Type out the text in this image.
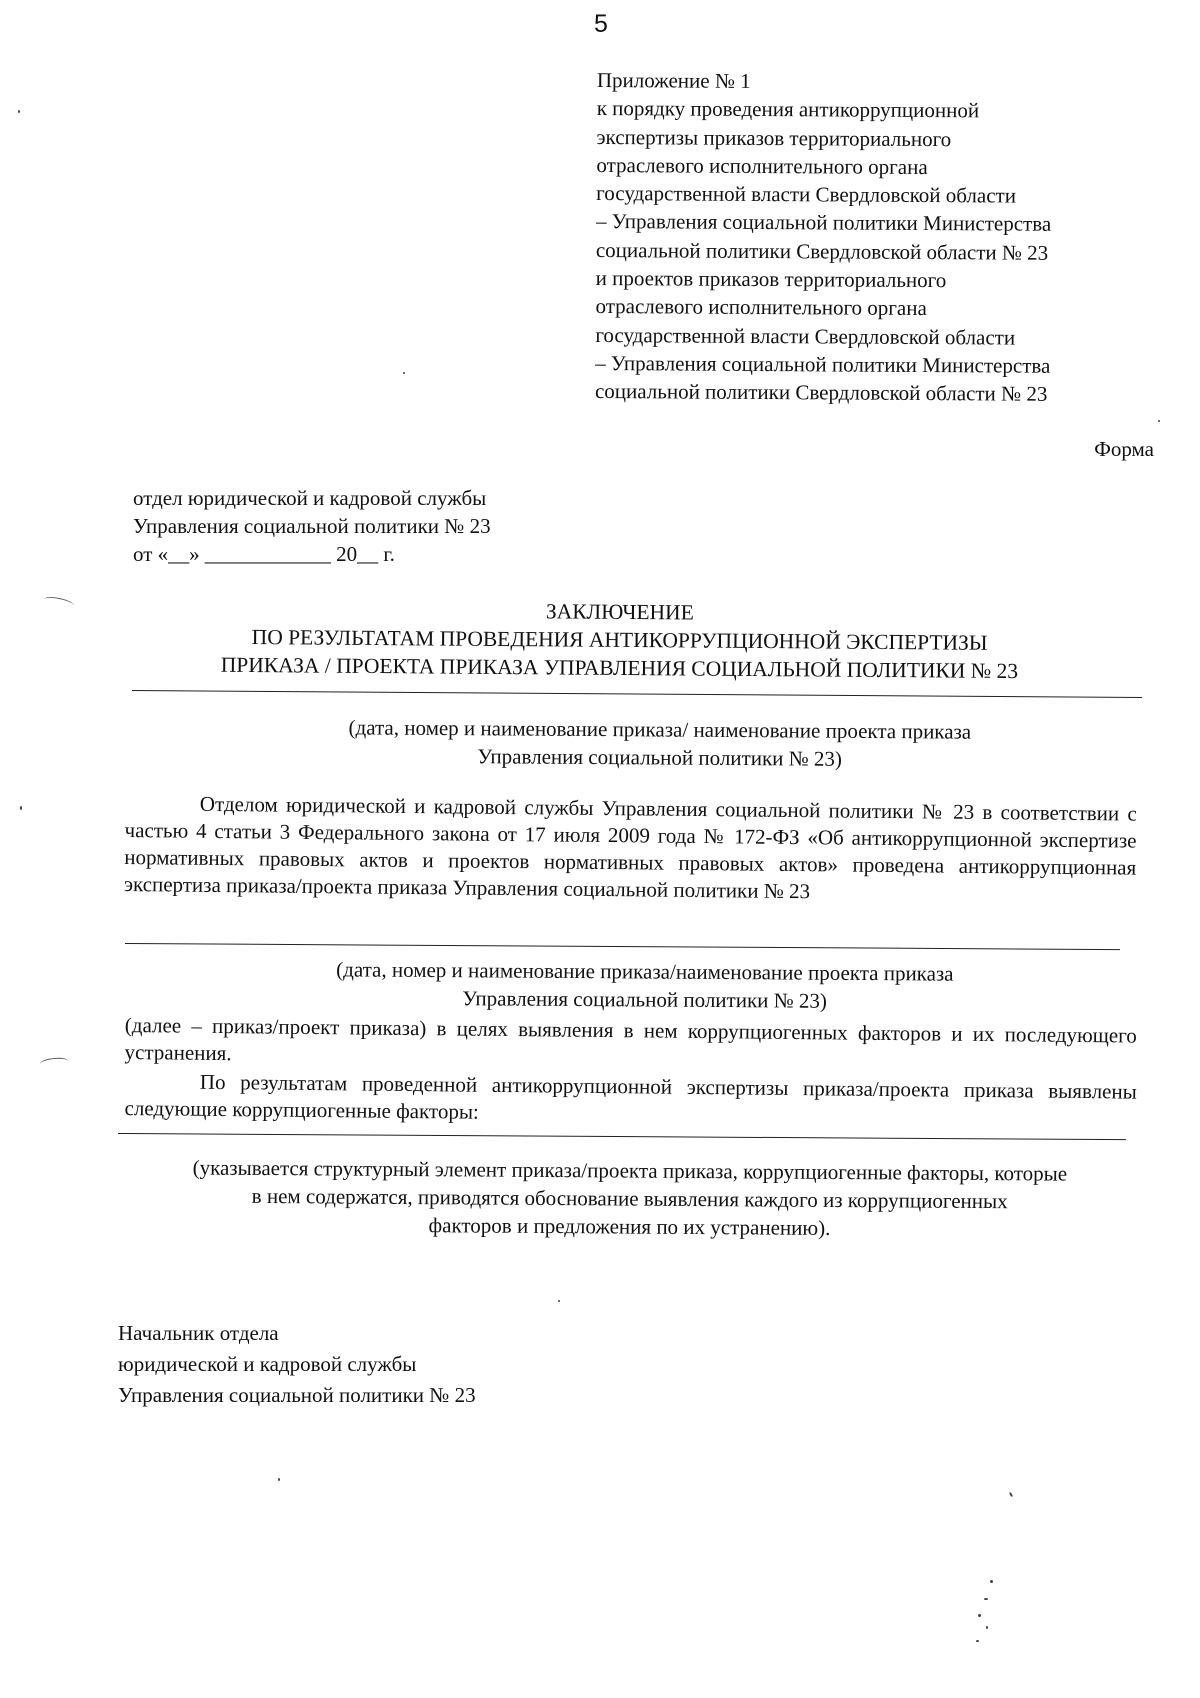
5
Приложение № 1
к порядку проведения антикоррупционной
экспертизы приказов территориального
отраслевого исполнительного органа
государственной власти Свердловской области
– Управления социальной политики Министерства
социальной политики Свердловской области № 23
и проектов приказов территориального
отраслевого исполнительного органа
государственной власти Свердловской области
– Управления социальной политики Министерства
социальной политики Свердловской области № 23
Форма
отдел юридической и кадровой службы
Управления социальной политики № 23
от «__» ____________ 20__ г.
ЗАКЛЮЧЕНИЕ
ПО РЕЗУЛЬТАТАМ ПРОВЕДЕНИЯ АНТИКОРРУПЦИОННОЙ ЭКСПЕРТИЗЫ
ПРИКАЗА / ПРОЕКТА ПРИКАЗА УПРАВЛЕНИЯ СОЦИАЛЬНОЙ ПОЛИТИКИ № 23
(дата, номер и наименование приказа/ наименование проекта приказа
Управления социальной политики № 23)

Отделом юридической и кадровой службы Управления социальной политики № 23 в соответствии с частью 4 статьи 3 Федерального закона от 17 июля 2009 года № 172-ФЗ «Об антикоррупционной экспертизе нормативных правовых актов и проектов нормативных правовых актов» проведена антикоррупционная экспертиза приказа/проекта приказа Управления социальной политики № 23

(дата, номер и наименование приказа/наименование проекта приказа
Управления социальной политики № 23)

(далее – приказ/проект приказа) в целях выявления в нем коррупциогенных факторов и их последующего устранения.

По результатам проведенной антикоррупционной экспертизы приказа/проекта приказа выявлены следующие коррупциогенные факторы:

(указывается структурный элемент приказа/проекта приказа, коррупциогенные факторы, которые
в нем содержатся, приводятся обоснование выявления каждого из коррупциогенных
факторов и предложения по их устранению).
Начальник отдела
юридической и кадровой службы
Управления социальной политики № 23
